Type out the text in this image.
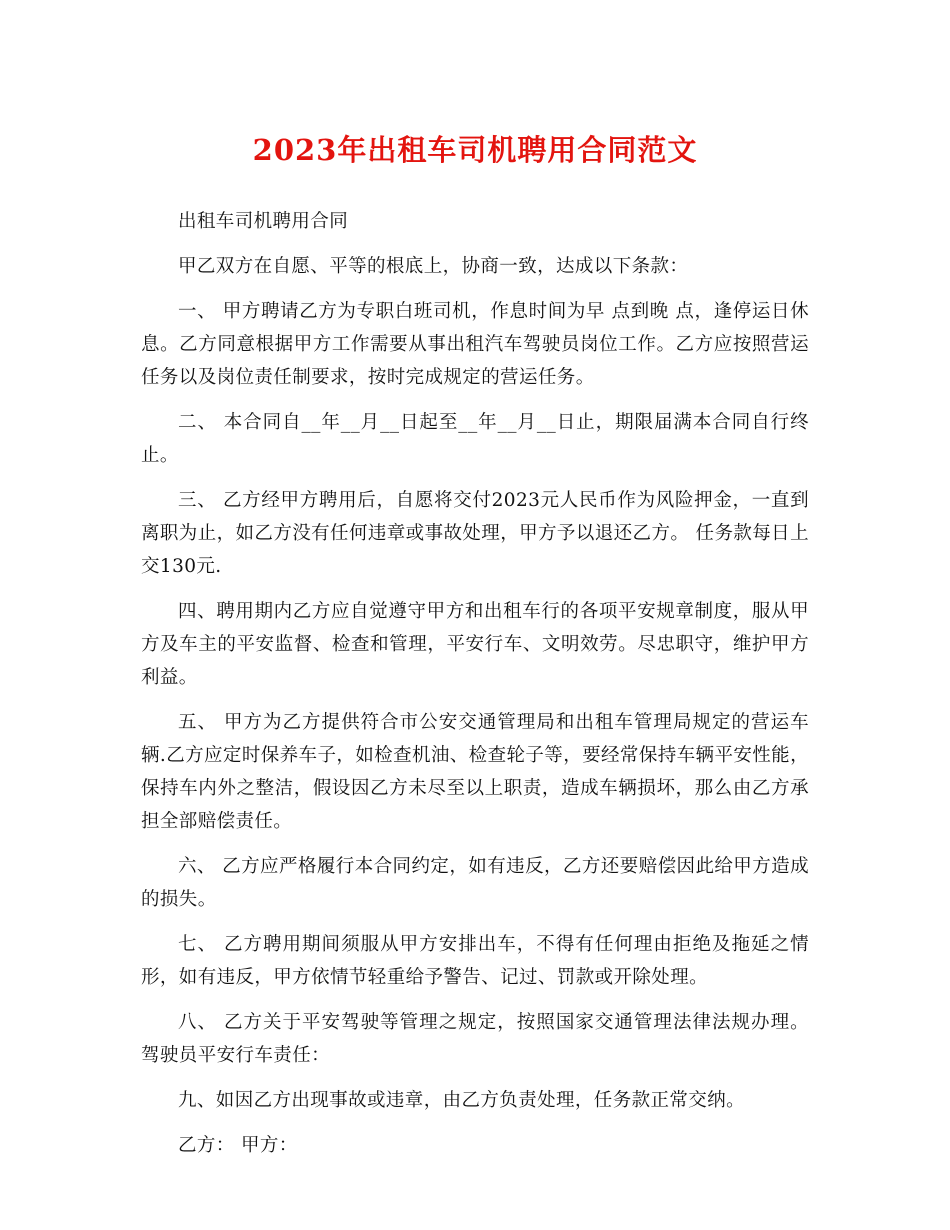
2023年出租车司机聘用合同范文

出租车司机聘用合同

甲乙双方在自愿、平等的根底上，协商一致，达成以下条款：

一、 甲方聘请乙方为专职白班司机，作息时间为早 点到晚 点，逢停运日休息。乙方同意根据甲方工作需要从事出租汽车驾驶员岗位工作。乙方应按照营运任务以及岗位责任制要求，按时完成规定的营运任务。

二、 本合同自__年__月__日起至__年__月__日止，期限届满本合同自行终止。

三、 乙方经甲方聘用后，自愿将交付2023元人民币作为风险押金，一直到离职为止，如乙方没有任何违章或事故处理，甲方予以退还乙方。 任务款每日上交130元.

四、聘用期内乙方应自觉遵守甲方和出租车行的各项平安规章制度，服从甲方及车主的平安监督、检查和管理，平安行车、文明效劳。尽忠职守，维护甲方利益。

五、 甲方为乙方提供符合市公安交通管理局和出租车管理局规定的营运车辆.乙方应定时保养车子，如检查机油、检查轮子等，要经常保持车辆平安性能，保持车内外之整洁，假设因乙方未尽至以上职责，造成车辆损坏，那么由乙方承担全部赔偿责任。

六、 乙方应严格履行本合同约定，如有违反，乙方还要赔偿因此给甲方造成的损失。

七、 乙方聘用期间须服从甲方安排出车，不得有任何理由拒绝及拖延之情形，如有违反，甲方依情节轻重给予警告、记过、罚款或开除处理。

八、 乙方关于平安驾驶等管理之规定，按照国家交通管理法律法规办理。 驾驶员平安行车责任：

九、如因乙方出现事故或违章，由乙方负责处理，任务款正常交纳。

乙方： 甲方：
